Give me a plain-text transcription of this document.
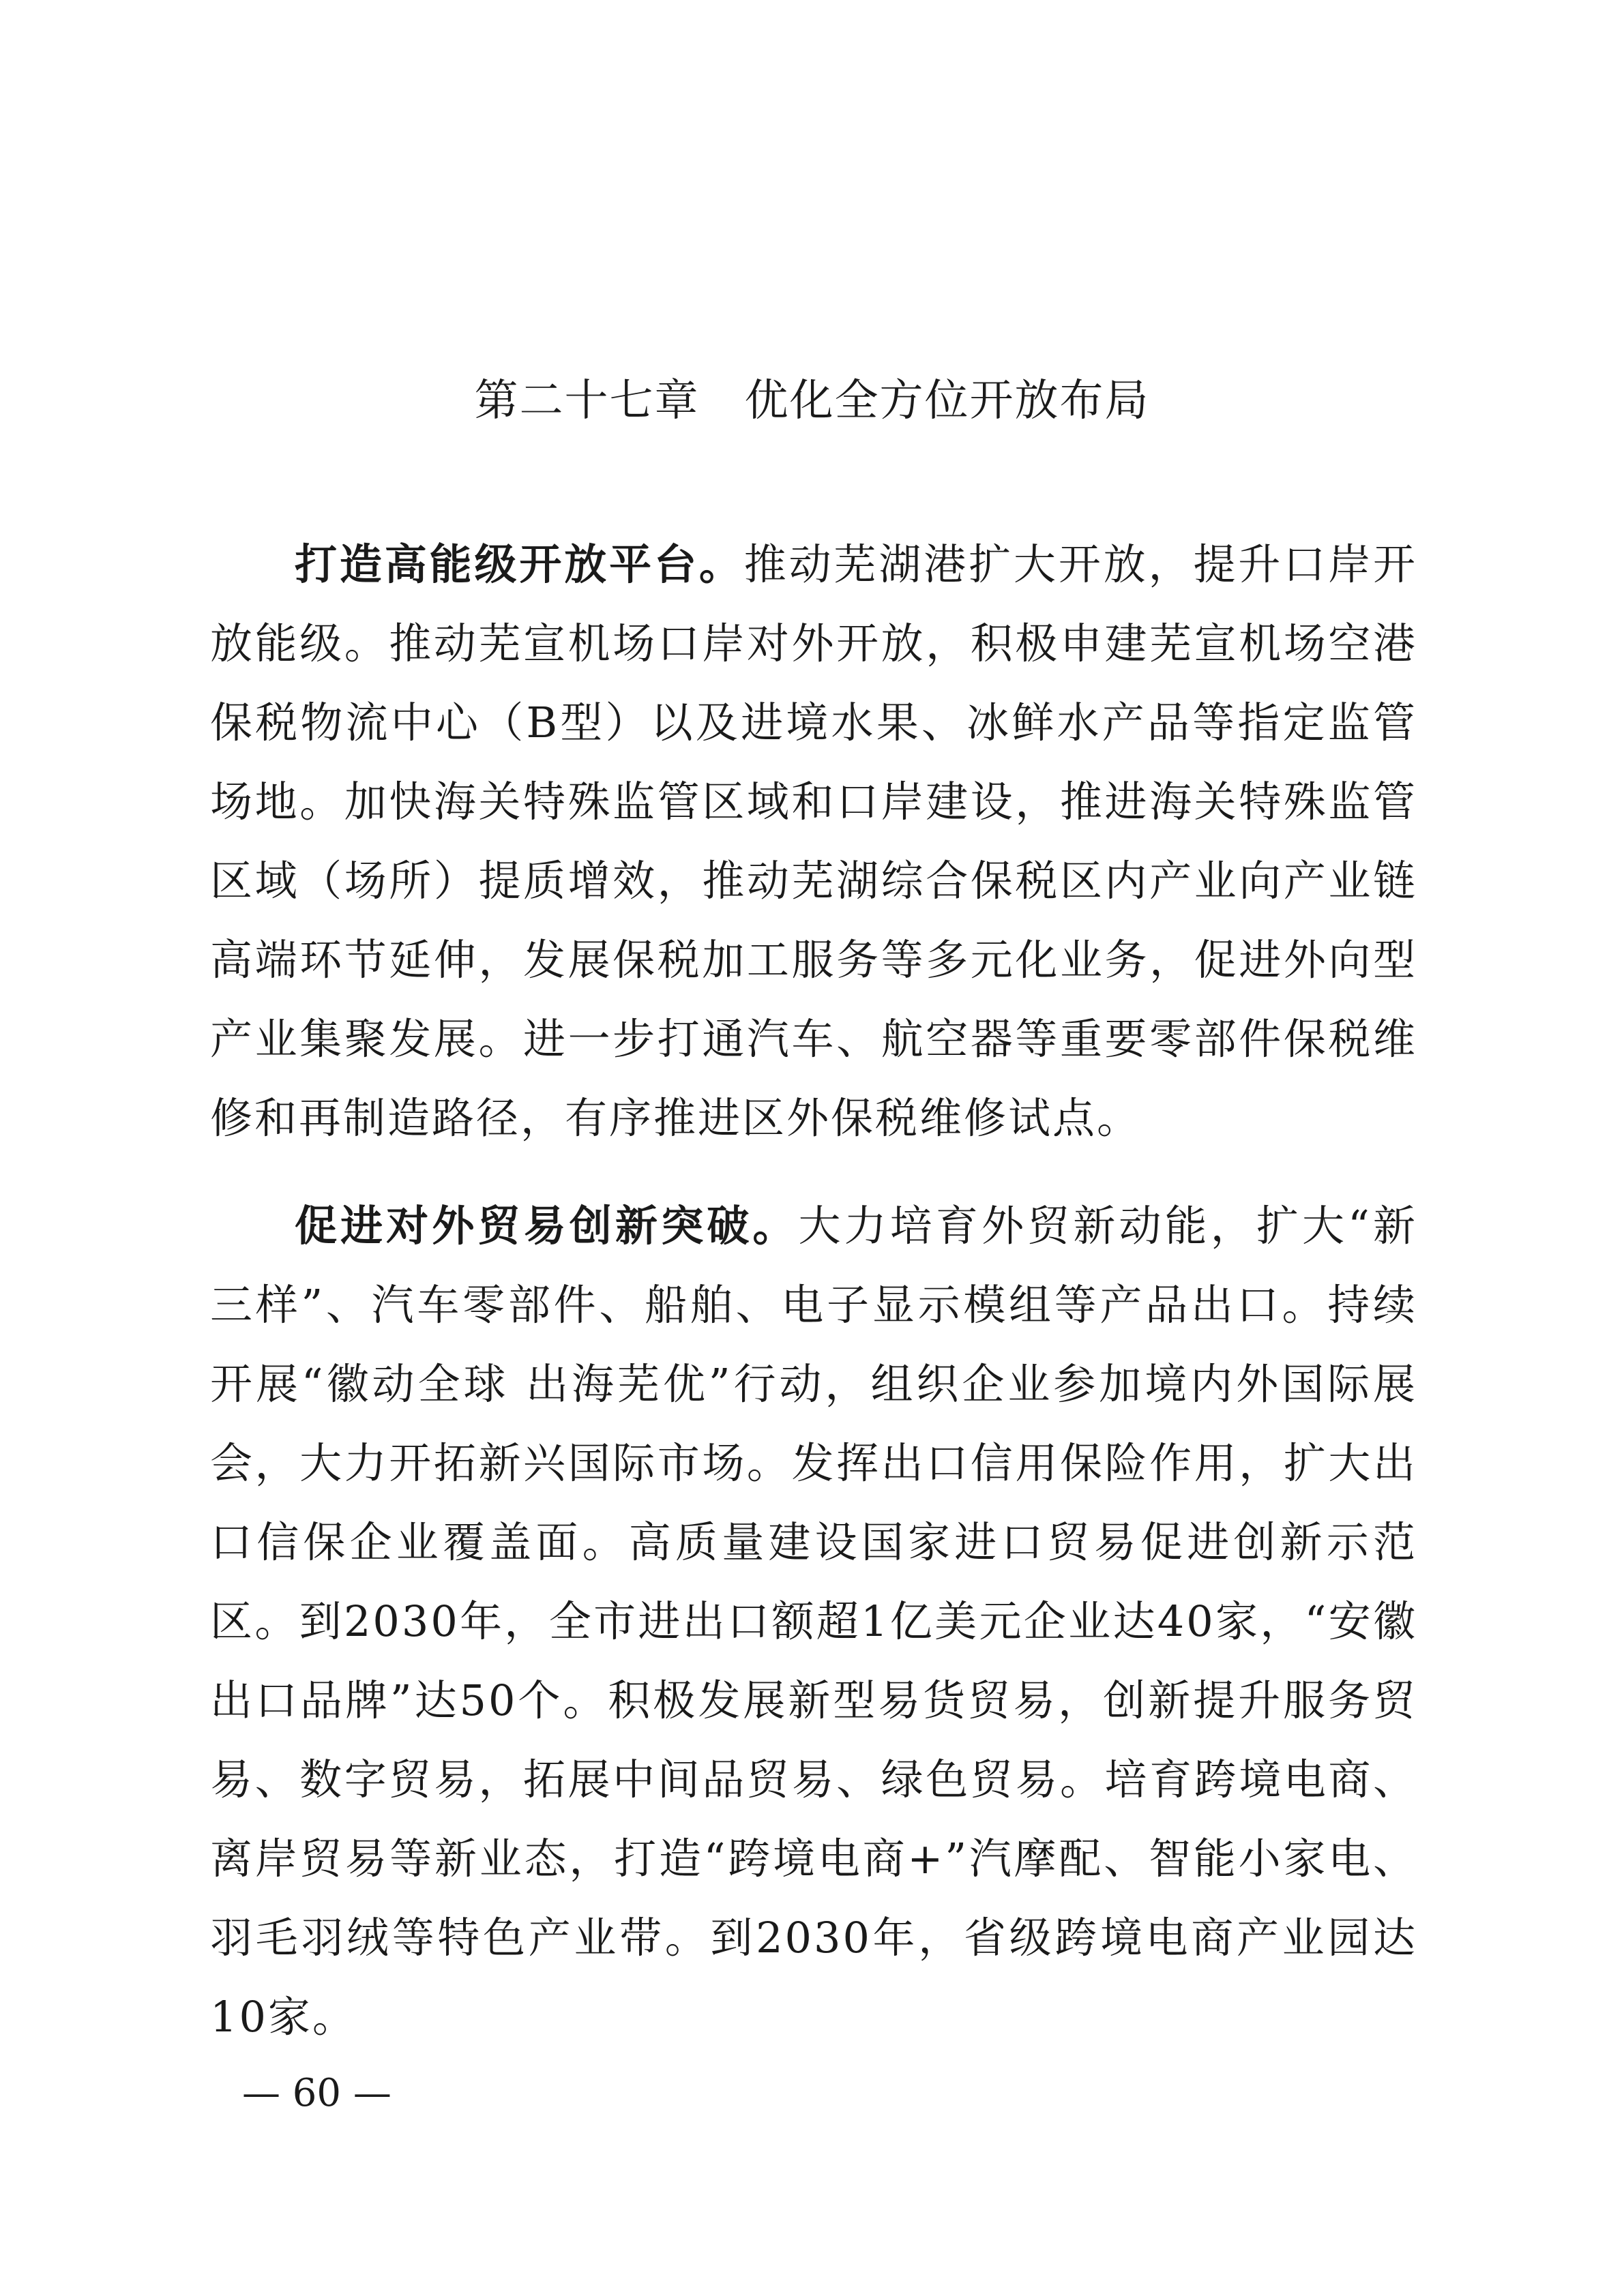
第二十七章　优化全方位开放布局

打造高能级开放平台。推动芜湖港扩大开放，提升口岸开放能级。推动芜宣机场口岸对外开放，积极申建芜宣机场空港保税物流中心（B型）以及进境水果、冰鲜水产品等指定监管场地。加快海关特殊监管区域和口岸建设，推进海关特殊监管区域（场所）提质增效，推动芜湖综合保税区内产业向产业链高端环节延伸，发展保税加工服务等多元化业务，促进外向型产业集聚发展。进一步打通汽车、航空器等重要零部件保税维修和再制造路径，有序推进区外保税维修试点。

促进对外贸易创新突破。大力培育外贸新动能，扩大“新三样”、汽车零部件、船舶、电子显示模组等产品出口。持续开展“徽动全球 出海芜优”行动，组织企业参加境内外国际展会，大力开拓新兴国际市场。发挥出口信用保险作用，扩大出口信保企业覆盖面。高质量建设国家进口贸易促进创新示范区。到2030年，全市进出口额超1亿美元企业达40家，“安徽出口品牌”达50个。积极发展新型易货贸易，创新提升服务贸易、数字贸易，拓展中间品贸易、绿色贸易。培育跨境电商、离岸贸易等新业态，打造“跨境电商+”汽摩配、智能小家电、羽毛羽绒等特色产业带。到2030年，省级跨境电商产业园达10家。

— 60 —
